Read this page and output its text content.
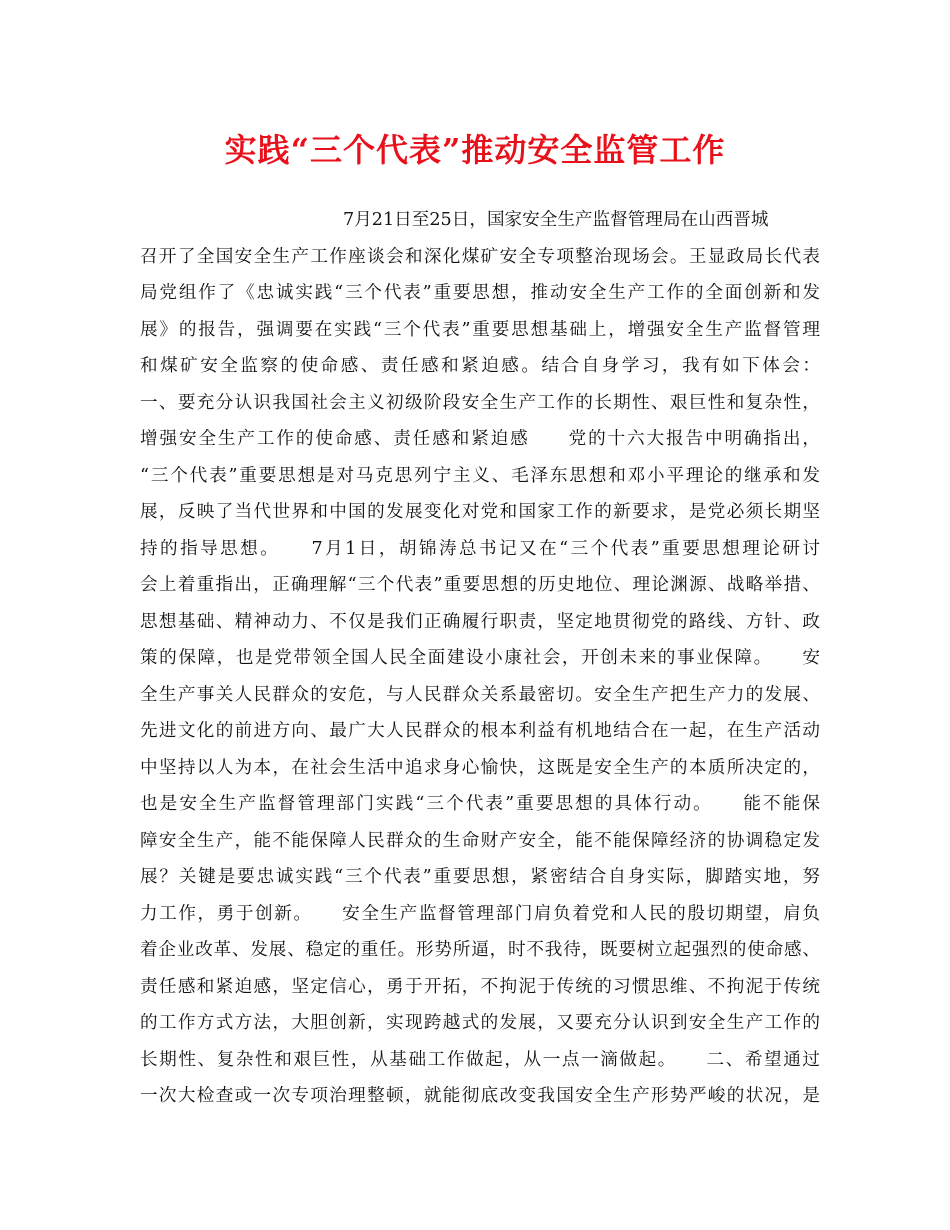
实践“三个代表”推动安全监管工作
7月21日至25日，国家安全生产监督管理局在山西晋城
召开了全国安全生产工作座谈会和深化煤矿安全专项整治现场会。王显政局长代表
局党组作了《忠诚实践“三个代表”重要思想，推动安全生产工作的全面创新和发
展》的报告，强调要在实践“三个代表”重要思想基础上，增强安全生产监督管理
和煤矿安全监察的使命感、责任感和紧迫感。结合自身学习，我有如下体会：
一、要充分认识我国社会主义初级阶段安全生产工作的长期性、艰巨性和复杂性，
增强安全生产工作的使命感、责任感和紧迫感　　党的十六大报告中明确指出，
“三个代表”重要思想是对马克思列宁主义、毛泽东思想和邓小平理论的继承和发
展，反映了当代世界和中国的发展变化对党和国家工作的新要求，是党必须长期坚
持的指导思想。　　7月1日，胡锦涛总书记又在“三个代表”重要思想理论研讨
会上着重指出，正确理解“三个代表”重要思想的历史地位、理论渊源、战略举措、
思想基础、精神动力、不仅是我们正确履行职责，坚定地贯彻党的路线、方针、政
策的保障，也是党带领全国人民全面建设小康社会，开创未来的事业保障。　　安
全生产事关人民群众的安危，与人民群众关系最密切。安全生产把生产力的发展、
先进文化的前进方向、最广大人民群众的根本利益有机地结合在一起，在生产活动
中坚持以人为本，在社会生活中追求身心愉快，这既是安全生产的本质所决定的，
也是安全生产监督管理部门实践“三个代表”重要思想的具体行动。　　能不能保
障安全生产，能不能保障人民群众的生命财产安全，能不能保障经济的协调稳定发
展？关键是要忠诚实践“三个代表”重要思想，紧密结合自身实际，脚踏实地，努
力工作，勇于创新。　　安全生产监督管理部门肩负着党和人民的殷切期望，肩负
着企业改革、发展、稳定的重任。形势所逼，时不我待，既要树立起强烈的使命感、
责任感和紧迫感，坚定信心，勇于开拓，不拘泥于传统的习惯思维、不拘泥于传统
的工作方式方法，大胆创新，实现跨越式的发展，又要充分认识到安全生产工作的
长期性、复杂性和艰巨性，从基础工作做起，从一点一滴做起。　　二、希望通过
一次大检查或一次专项治理整顿，就能彻底改变我国安全生产形势严峻的状况，是
